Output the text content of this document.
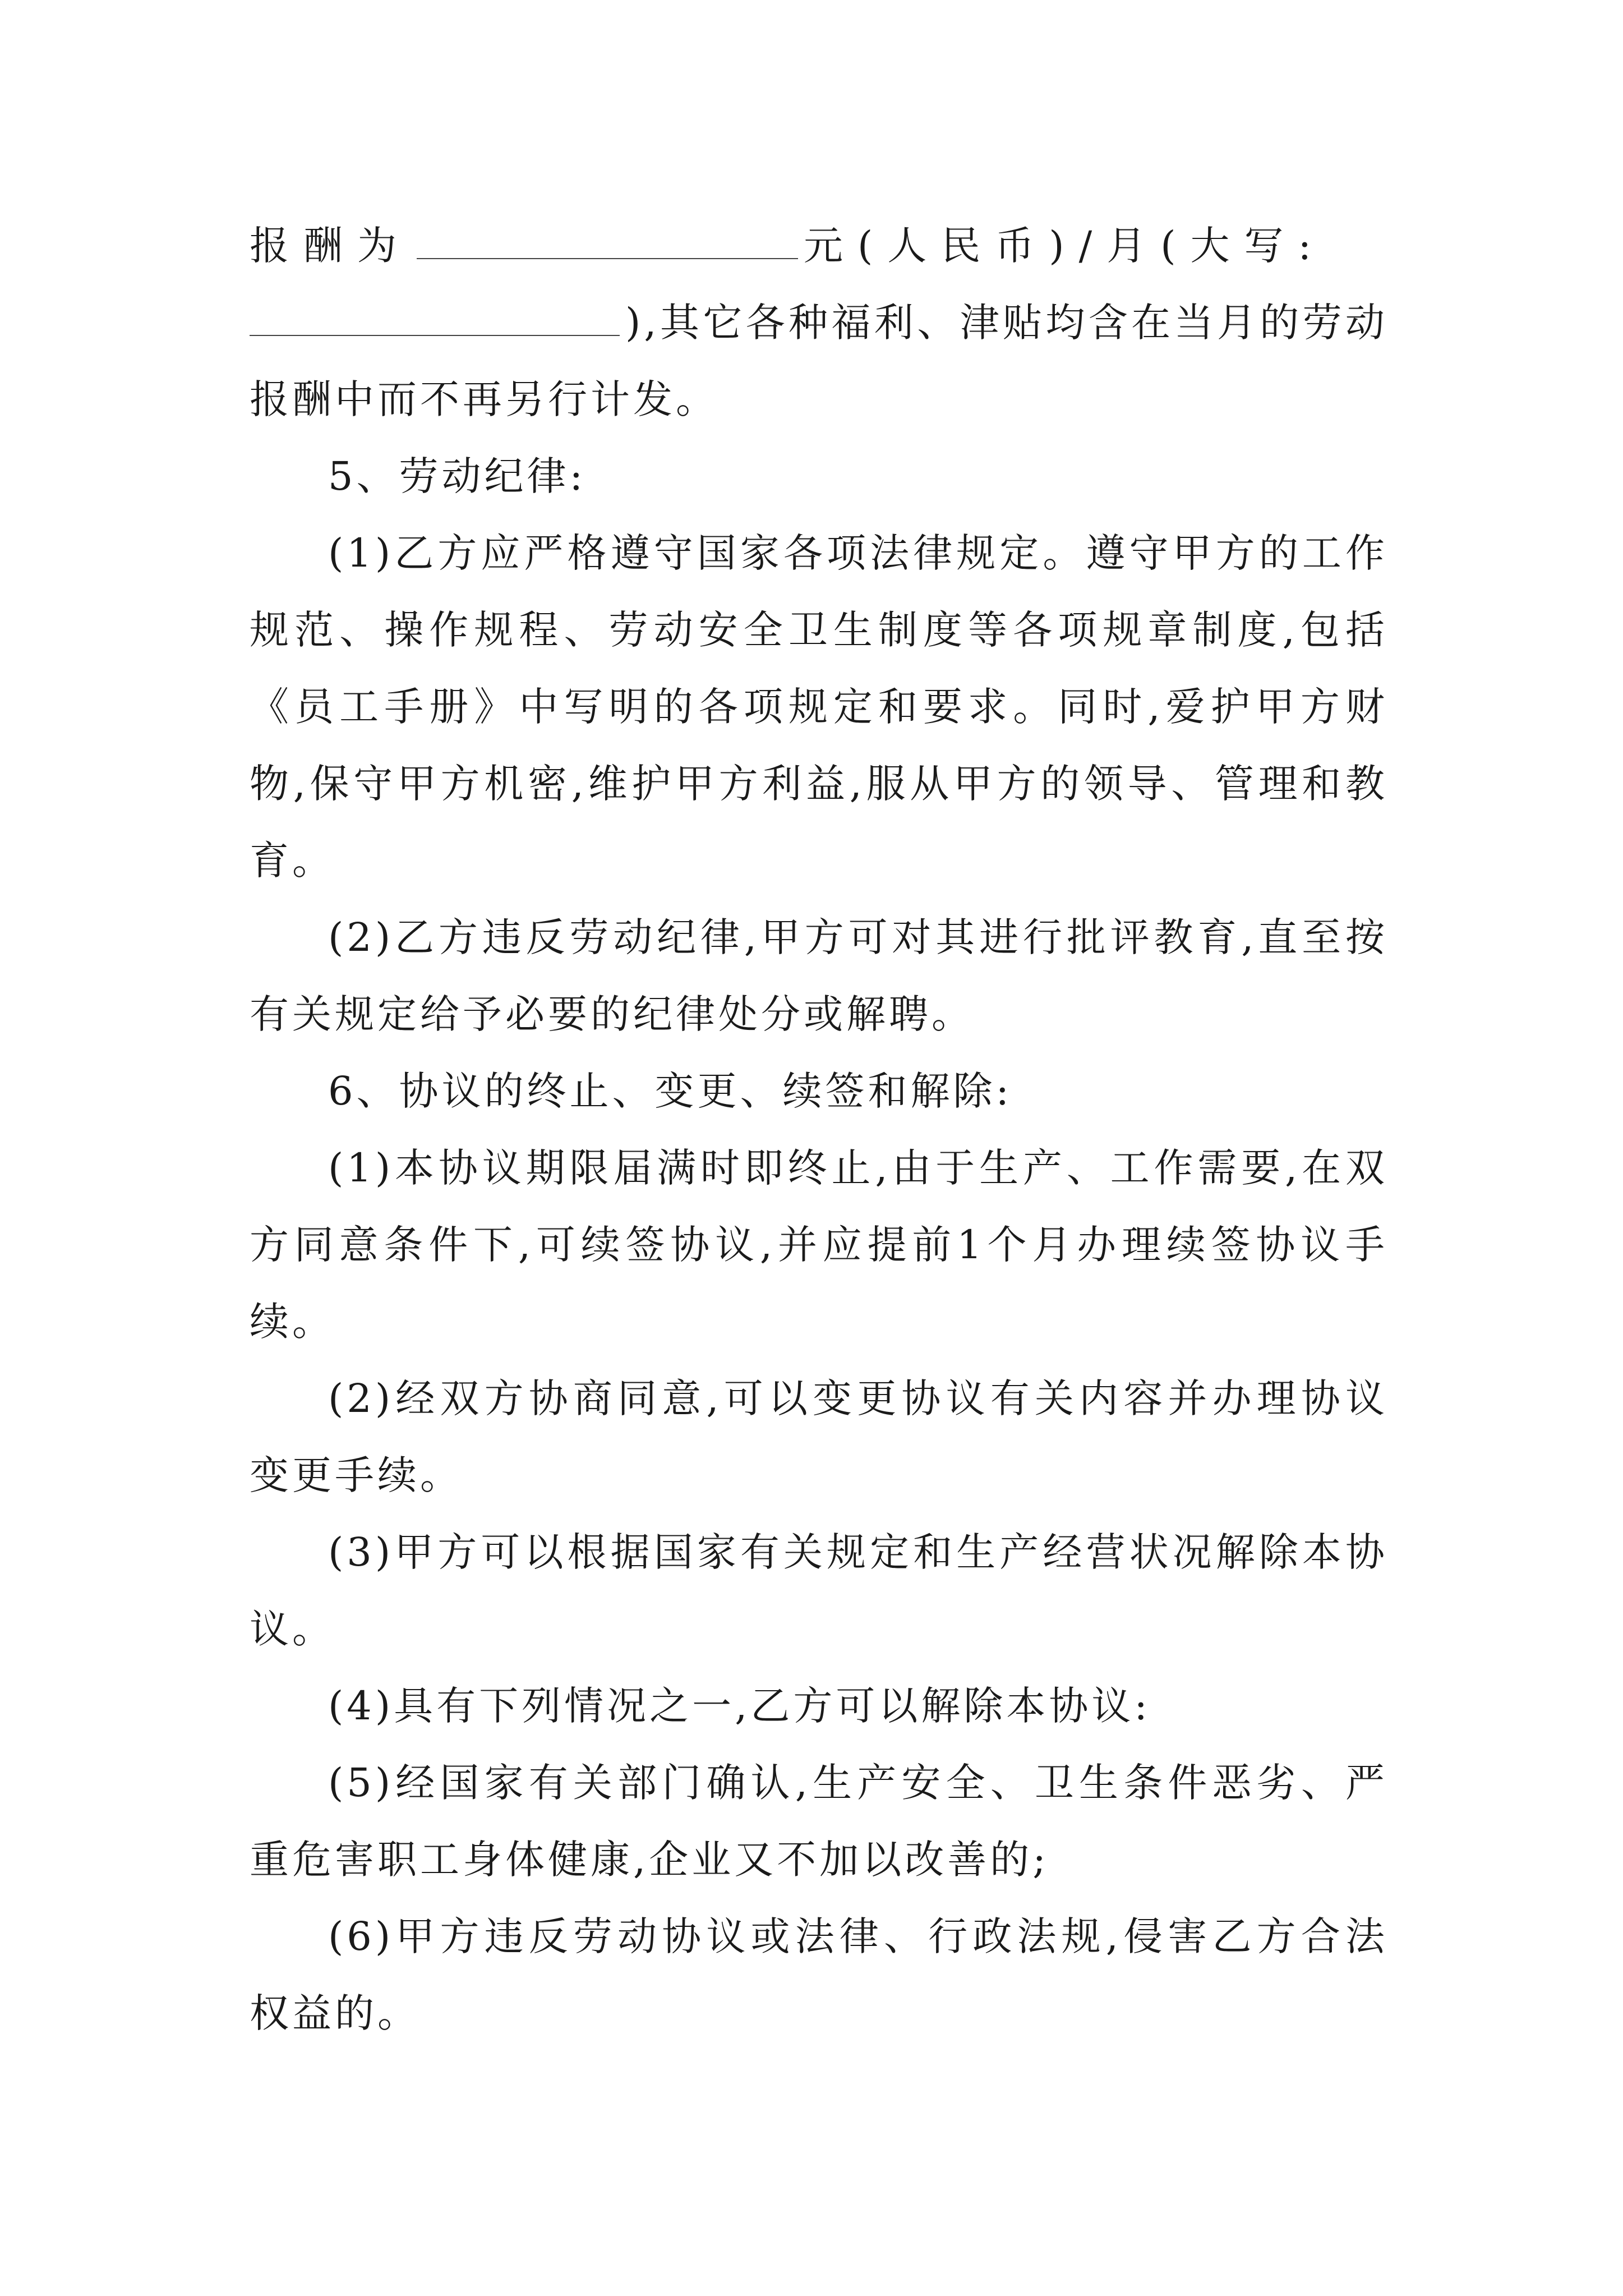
报酬为	元(人民币)/月(大写:

),其它各种福利、津贴均含在当月的劳动报酬中而不再另行计发。

5、劳动纪律:

(1)乙方应严格遵守国家各项法律规定。遵守甲方的工作规范、操作规程、劳动安全卫生制度等各项规章制度,包括《员工手册》中写明的各项规定和要求。同时,爱护甲方财物,保守甲方机密,维护甲方利益,服从甲方的领导、管理和教育。

(2)乙方违反劳动纪律,甲方可对其进行批评教育,直至按有关规定给予必要的纪律处分或解聘。

6、协议的终止、变更、续签和解除:

(1)本协议期限届满时即终止,由于生产、工作需要,在双方同意条件下,可续签协议,并应提前1个月办理续签协议手续。

(2)经双方协商同意,可以变更协议有关内容并办理协议变更手续。

(3)甲方可以根据国家有关规定和生产经营状况解除本协议。

(4)具有下列情况之一,乙方可以解除本协议:

(5)经国家有关部门确认,生产安全、卫生条件恶劣、严重危害职工身体健康,企业又不加以改善的;

(6)甲方违反劳动协议或法律、行政法规,侵害乙方合法权益的。
